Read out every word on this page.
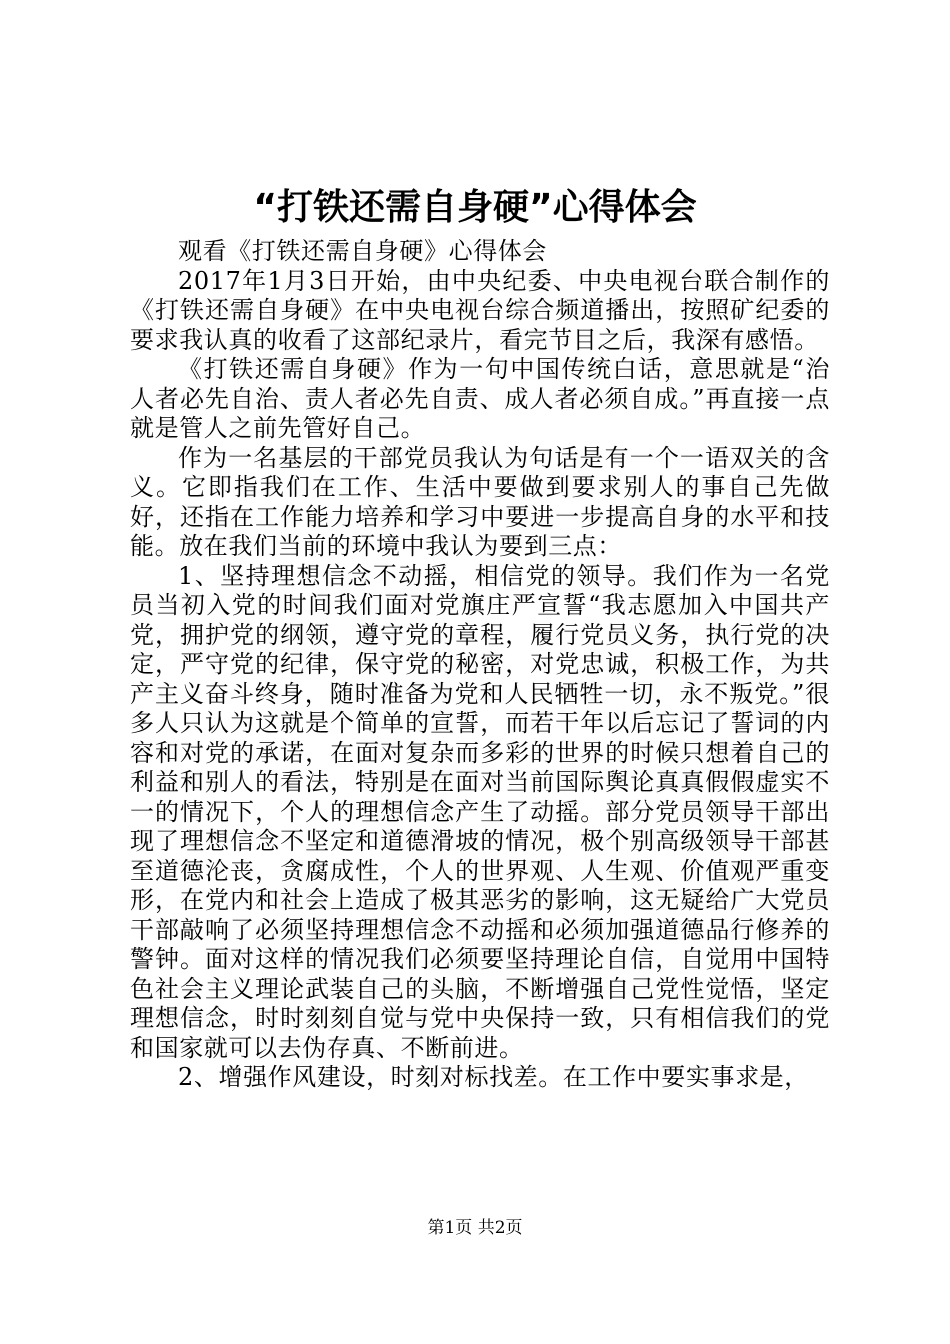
“打铁还需自身硬”心得体会

观看《打铁还需自身硬》心得体会

2017年1月3日开始，由中央纪委、中央电视台联合制作的《打铁还需自身硬》在中央电视台综合频道播出，按照矿纪委的要求我认真的收看了这部纪录片，看完节目之后，我深有感悟。

《打铁还需自身硬》作为一句中国传统白话，意思就是“治人者必先自治、责人者必先自责、成人者必须自成。”再直接一点就是管人之前先管好自己。

作为一名基层的干部党员我认为句话是有一个一语双关的含义。它即指我们在工作、生活中要做到要求别人的事自己先做好，还指在工作能力培养和学习中要进一步提高自身的水平和技能。放在我们当前的环境中我认为要到三点：

1、坚持理想信念不动摇，相信党的领导。我们作为一名党员当初入党的时间我们面对党旗庄严宣誓“我志愿加入中国共产党，拥护党的纲领，遵守党的章程，履行党员义务，执行党的决定，严守党的纪律，保守党的秘密，对党忠诚，积极工作，为共产主义奋斗终身，随时准备为党和人民牺牲一切，永不叛党。”很多人只认为这就是个简单的宣誓，而若干年以后忘记了誓词的内容和对党的承诺，在面对复杂而多彩的世界的时候只想着自己的利益和别人的看法，特别是在面对当前国际舆论真真假假虚实不一的情况下，个人的理想信念产生了动摇。部分党员领导干部出现了理想信念不坚定和道德滑坡的情况，极个别高级领导干部甚至道德沦丧，贪腐成性，个人的世界观、人生观、价值观严重变形，在党内和社会上造成了极其恶劣的影响，这无疑给广大党员干部敲响了必须坚持理想信念不动摇和必须加强道德品行修养的警钟。面对这样的情况我们必须要坚持理论自信，自觉用中国特色社会主义理论武装自己的头脑，不断增强自己党性觉悟，坚定理想信念，时时刻刻自觉与党中央保持一致，只有相信我们的党和国家就可以去伪存真、不断前进。

2、增强作风建设，时刻对标找差。在工作中要实事求是，

第1页 共2页
